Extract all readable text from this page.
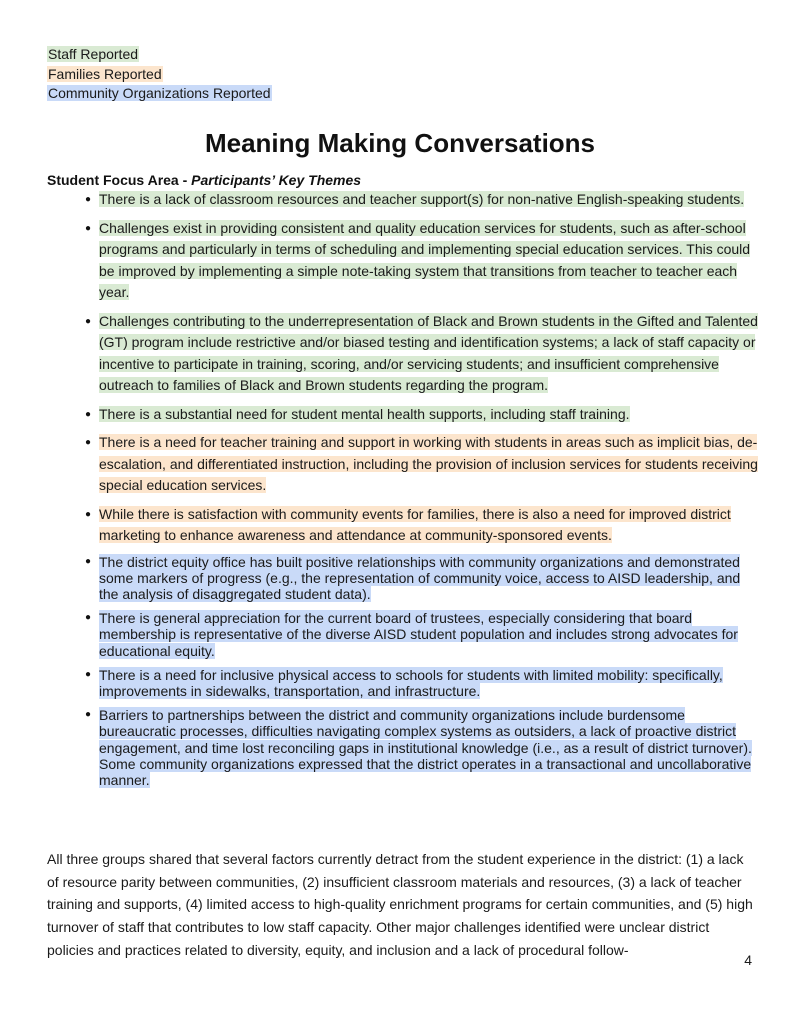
Staff Reported
Families Reported
Community Organizations Reported
Meaning Making Conversations
Student Focus Area - Participants’ Key Themes
● There is a lack of classroom resources and teacher support(s) for non-native English-speaking students.
● Challenges exist in providing consistent and quality education services for students, such as after-school programs and particularly in terms of scheduling and implementing special education services. This could be improved by implementing a simple note-taking system that transitions from teacher to teacher each year.
● Challenges contributing to the underrepresentation of Black and Brown students in the Gifted and Talented (GT) program include restrictive and/or biased testing and identification systems; a lack of staff capacity or incentive to participate in training, scoring, and/or servicing students; and insufficient comprehensive outreach to families of Black and Brown students regarding the program.
● There is a substantial need for student mental health supports, including staff training.
● There is a need for teacher training and support in working with students in areas such as implicit bias, de-escalation, and differentiated instruction, including the provision of inclusion services for students receiving special education services.
● While there is satisfaction with community events for families, there is also a need for improved district marketing to enhance awareness and attendance at community-sponsored events.
● The district equity office has built positive relationships with community organizations and demonstrated some markers of progress (e.g., the representation of community voice, access to AISD leadership, and the analysis of disaggregated student data).
● There is general appreciation for the current board of trustees, especially considering that board membership is representative of the diverse AISD student population and includes strong advocates for educational equity.
● There is a need for inclusive physical access to schools for students with limited mobility: specifically, improvements in sidewalks, transportation, and infrastructure.
● Barriers to partnerships between the district and community organizations include burdensome bureaucratic processes, difficulties navigating complex systems as outsiders, a lack of proactive district engagement, and time lost reconciling gaps in institutional knowledge (i.e., as a result of district turnover). Some community organizations expressed that the district operates in a transactional and uncollaborative manner.

All three groups shared that several factors currently detract from the student experience in the district: (1) a lack of resource parity between communities, (2) insufficient classroom materials and resources, (3) a lack of teacher training and supports, (4) limited access to high-quality enrichment programs for certain communities, and (5) high turnover of staff that contributes to low staff capacity. Other major challenges identified were unclear district policies and practices related to diversity, equity, and inclusion and a lack of procedural follow-

4
